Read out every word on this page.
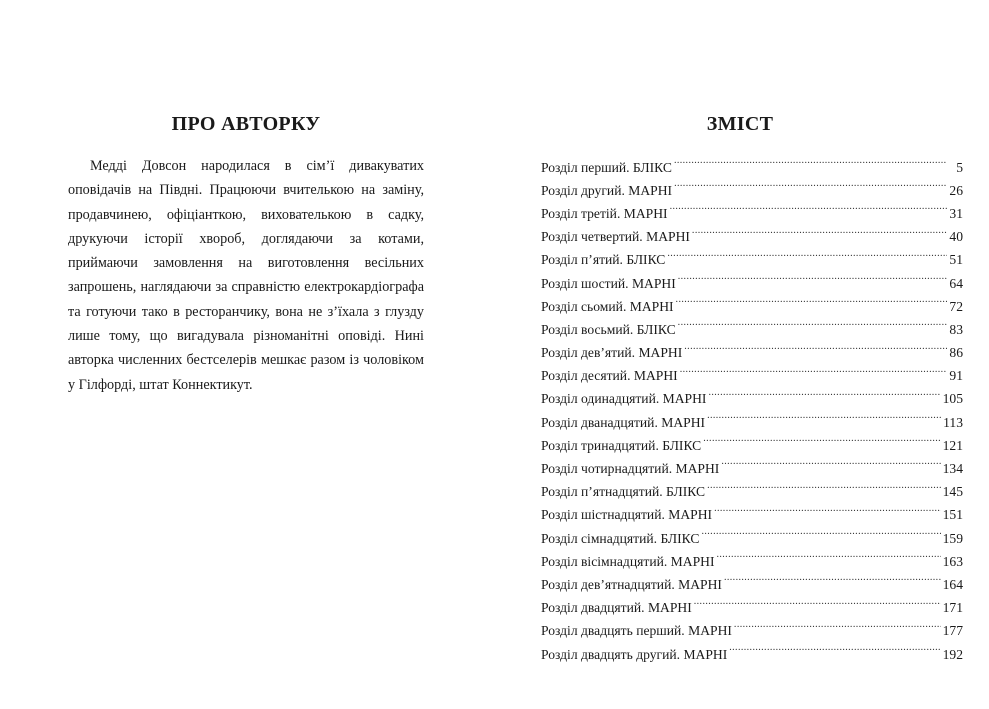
ПРО АВТОРКУ

Медді Довсон народилася в сім’ї дивакуватих оповідачів на Півдні. Працюючи вчителькою на заміну, продавчинею, офіціанткою, вихователькою в садку, друкуючи історії хвороб, доглядаючи за котами, приймаючи замовлення на виготовлення весільних запрошень, наглядаючи за справністю електрокардіографа та готуючи тако в ресторанчику, вона не з’їхала з глузду лише тому, що вигадувала різноманітні оповіді. Нині авторка численних бестселерів мешкає разом із чоловіком у Гілфорді, штат Коннектикут.

ЗМІСТ
Розділ перший. БЛІКС .....	5
Розділ другий. МАРНІ .....	26
Розділ третій. МАРНІ .....	31
Розділ четвертий. МАРНІ .....	40
Розділ п’ятий. БЛІКС .....	51
Розділ шостий. МАРНІ .....	64
Розділ сьомий. МАРНІ .....	72
Розділ восьмий. БЛІКС .....	83
Розділ дев’ятий. МАРНІ .....	86
Розділ десятий. МАРНІ .....	91
Розділ одинадцятий. МАРНІ .....	105
Розділ дванадцятий. МАРНІ .....	113
Розділ тринадцятий. БЛІКС .....	121
Розділ чотирнадцятий. МАРНІ .....	134
Розділ п’ятнадцятий. БЛІКС .....	145
Розділ шістнадцятий. МАРНІ .....	151
Розділ сімнадцятий. БЛІКС .....	159
Розділ вісімнадцятий. МАРНІ .....	163
Розділ дев’ятнадцятий. МАРНІ .....	164
Розділ двадцятий. МАРНІ .....	171
Розділ двадцять перший. МАРНІ .....	177
Розділ двадцять другий. МАРНІ .....	192
